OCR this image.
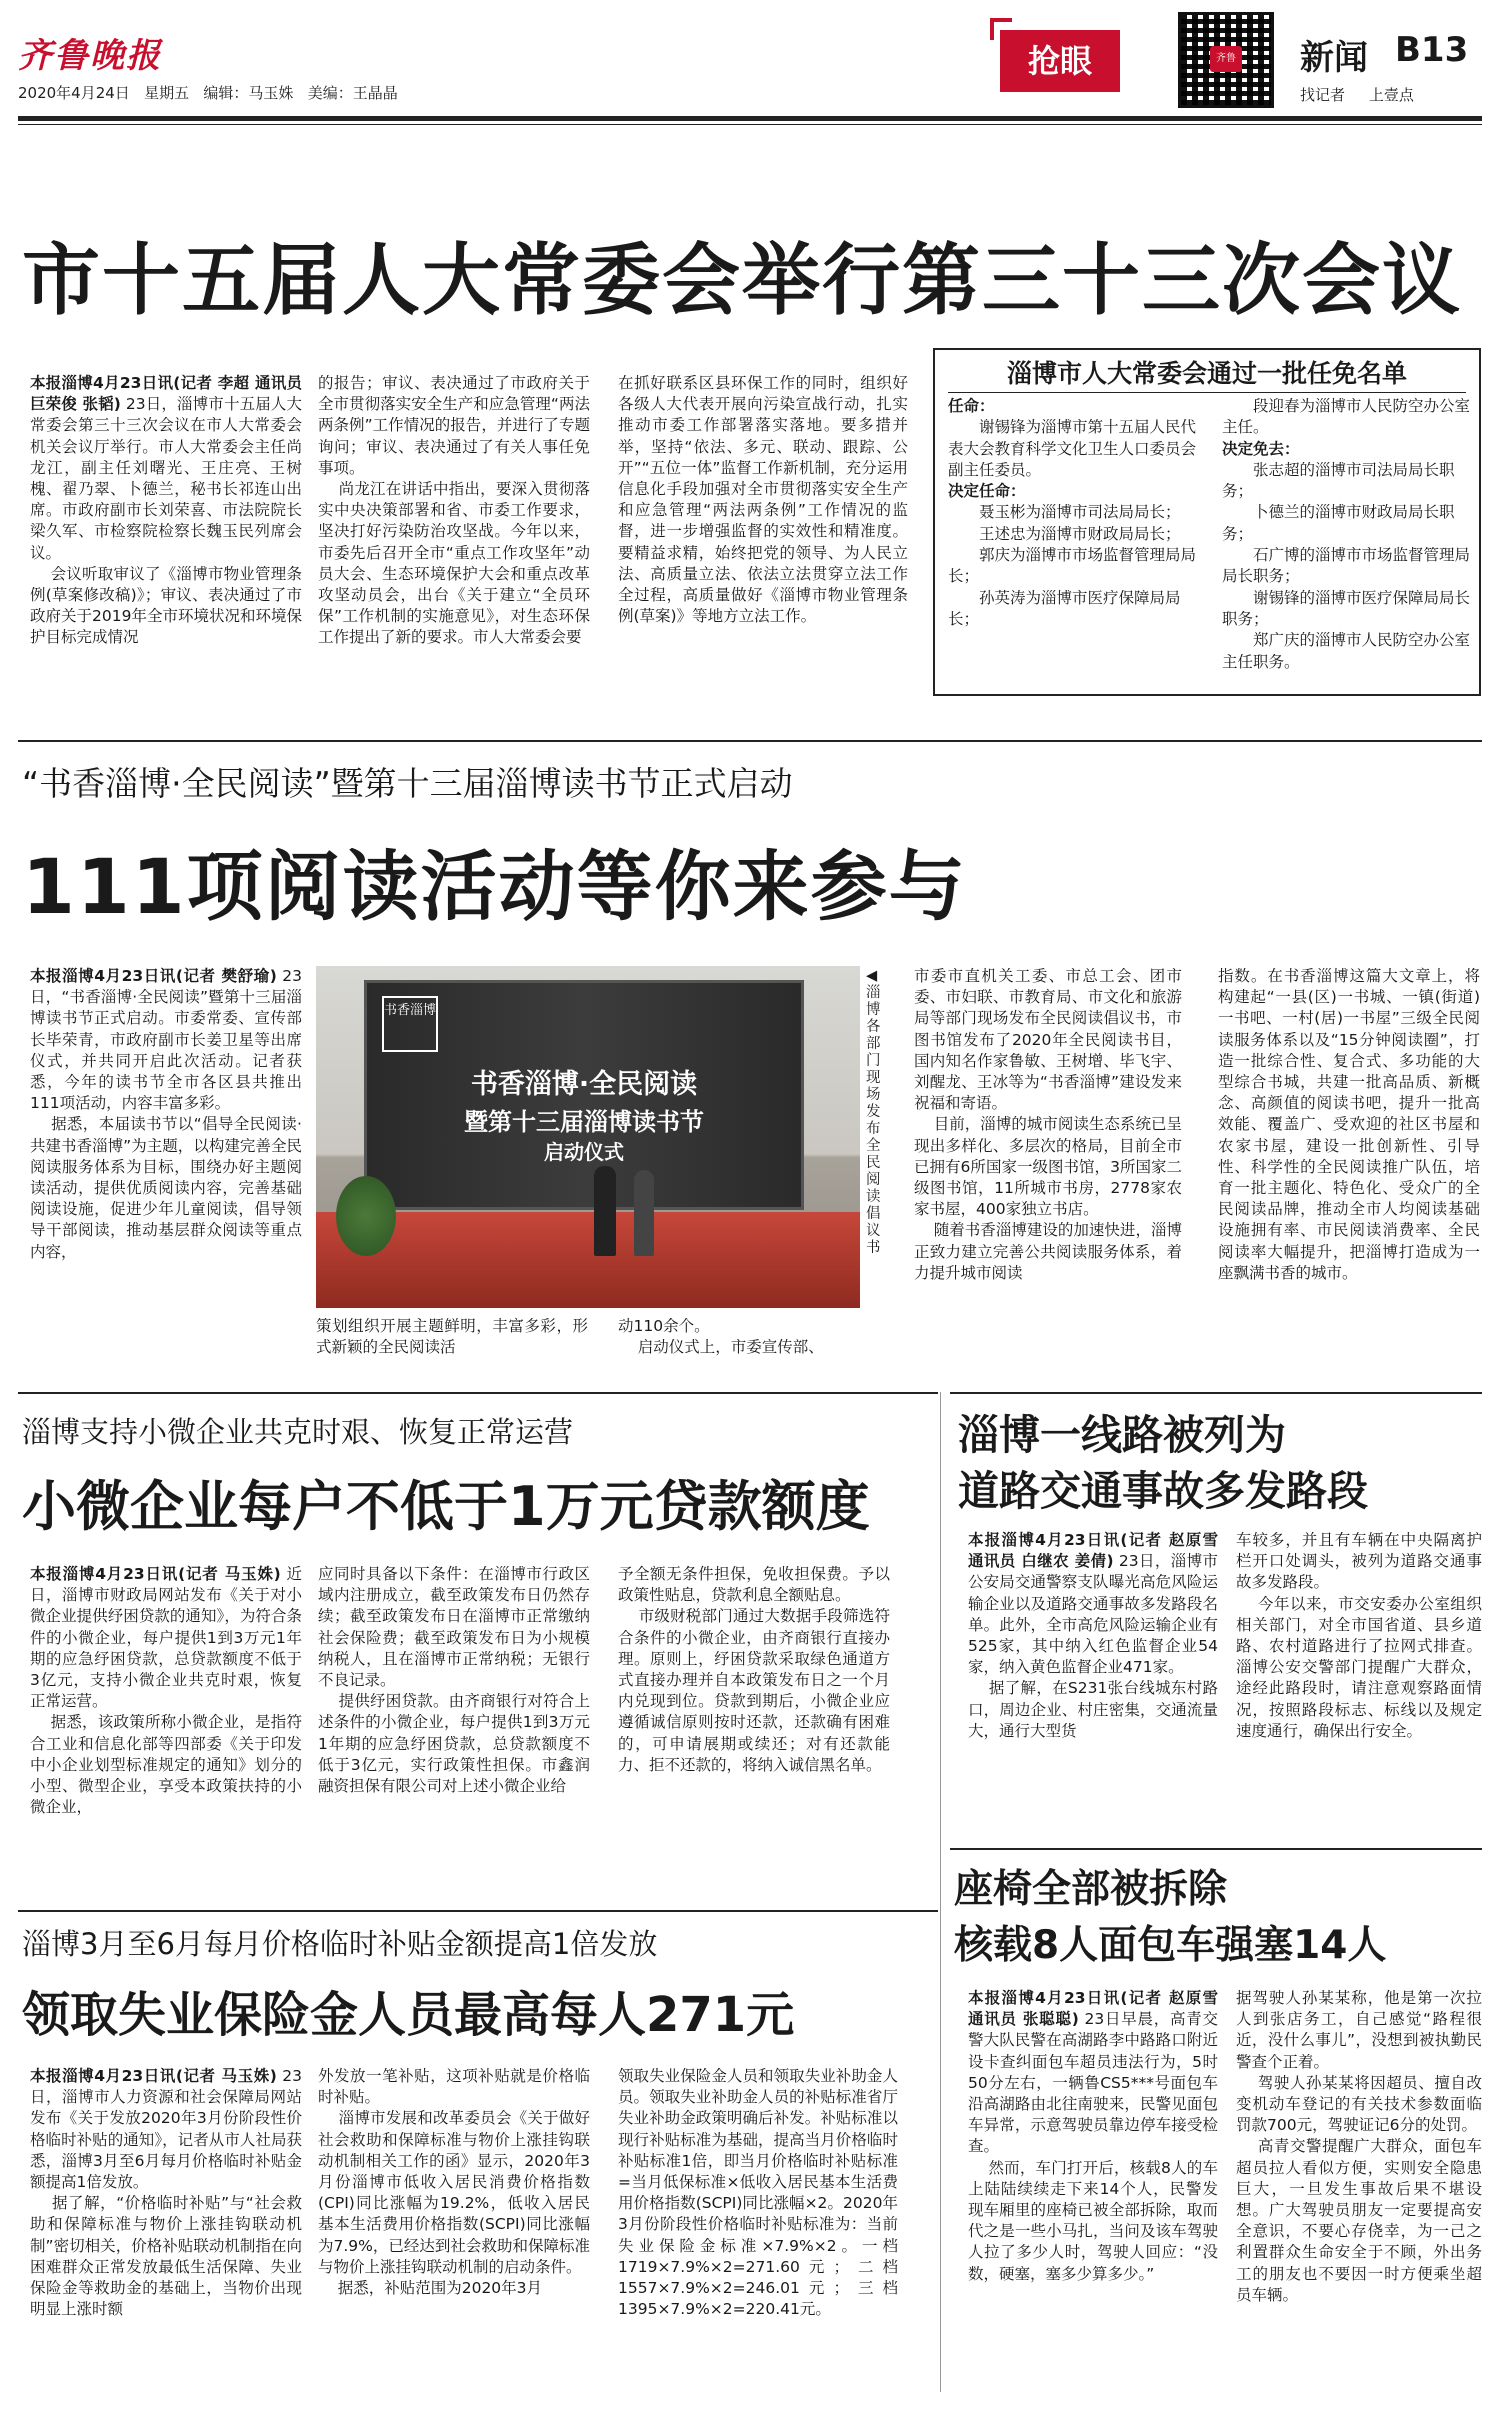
齐鲁晚报
2020年4月24日   星期五   编辑：马玉姝   美编：王晶晶
抢眼	齐鲁 新闻 B13
找记者     上壹点
市十五届人大常委会举行第三十三次会议
本报淄博4月23日讯(记者 李超 通讯员 巨荣俊 张韬) 23日，淄博市十五届人大常委会第三十三次会议在市人大常委会机关会议厅举行。市人大常委会主任尚龙江，副主任刘曙光、王庄亮、王树槐、翟乃翠、卜德兰，秘书长祁连山出席。市政府副市长刘荣喜、市法院院长梁久军、市检察院检察长魏玉民列席会议。
会议听取审议了《淄博市物业管理条例(草案修改稿)》；审议、表决通过了市政府关于2019年全市环境状况和环境保护目标完成情况
的报告；审议、表决通过了市政府关于全市贯彻落实安全生产和应急管理“两法两条例”工作情况的报告，并进行了专题询问；审议、表决通过了有关人事任免事项。
尚龙江在讲话中指出，要深入贯彻落实中央决策部署和省、市委工作要求，坚决打好污染防治攻坚战。今年以来，市委先后召开全市“重点工作攻坚年”动员大会、生态环境保护大会和重点改革攻坚动员会，出台《关于建立“全员环保”工作机制的实施意见》，对生态环保工作提出了新的要求。市人大常委会要
在抓好联系区县环保工作的同时，组织好各级人大代表开展向污染宣战行动，扎实推动市委工作部署落实落地。要多措并举，坚持“依法、多元、联动、跟踪、公开”“五位一体”监督工作新机制，充分运用信息化手段加强对全市贯彻落实安全生产和应急管理“两法两条例”工作情况的监督，进一步增强监督的实效性和精准度。要精益求精，始终把党的领导、为人民立法、高质量立法、依法立法贯穿立法工作全过程，高质量做好《淄博市物业管理条例(草案)》等地方立法工作。
淄博市人大常委会通过一批任免名单
任命：
谢锡锋为淄博市第十五届人民代表大会教育科学文化卫生人口委员会副主任委员。
决定任命：
聂玉彬为淄博市司法局局长；
王述忠为淄博市财政局局长；
郭庆为淄博市市场监督管理局局长；
孙英涛为淄博市医疗保障局局长；
段迎春为淄博市人民防空办公室主任。
决定免去：
张志超的淄博市司法局局长职务；
卜德兰的淄博市财政局局长职务；
石广博的淄博市市场监督管理局局长职务；
谢锡锋的淄博市医疗保障局局长职务；
郑广庆的淄博市人民防空办公室主任职务。
“书香淄博·全民阅读”暨第十三届淄博读书节正式启动
111项阅读活动等你来参与
本报淄博4月23日讯(记者 樊舒瑜) 23日，“书香淄博·全民阅读”暨第十三届淄博读书节正式启动。市委常委、宣传部长毕荣青，市政府副市长姜卫星等出席仪式，并共同开启此次活动。记者获悉，今年的读书节全市各区县共推出111项活动，内容丰富多彩。
据悉，本届读书节以“倡导全民阅读·共建书香淄博”为主题，以构建完善全民阅读服务体系为目标，围绕办好主题阅读活动，提供优质阅读内容，完善基础阅读设施，促进少年儿童阅读，倡导领导干部阅读，推动基层群众阅读等重点内容，
书香淄博
书香淄博·全民阅读
暨第十三届淄博读书节
启动仪式
◀淄博各部门现场发布全民阅读倡议书
策划组织开展主题鲜明，丰富多彩，形式新颖的全民阅读活
动110余个。
启动仪式上，市委宣传部、
市委市直机关工委、市总工会、团市委、市妇联、市教育局、市文化和旅游局等部门现场发布全民阅读倡议书，市图书馆发布了2020年全民阅读书目，国内知名作家鲁敏、王树增、毕飞宇、刘醒龙、王冰等为“书香淄博”建设发来祝福和寄语。
目前，淄博的城市阅读生态系统已呈现出多样化、多层次的格局，目前全市已拥有6所国家一级图书馆，3所国家二级图书馆，11所城市书房，2778家农家书屋，400家独立书店。
随着书香淄博建设的加速快进，淄博正致力建立完善公共阅读服务体系，着力提升城市阅读
指数。在书香淄博这篇大文章上，将构建起“一县(区)一书城、一镇(街道)一书吧、一村(居)一书屋”三级全民阅读服务体系以及“15分钟阅读圈”，打造一批综合性、复合式、多功能的大型综合书城，共建一批高品质、新概念、高颜值的阅读书吧，提升一批高效能、覆盖广、受欢迎的社区书屋和农家书屋，建设一批创新性、引导性、科学性的全民阅读推广队伍，培育一批主题化、特色化、受众广的全民阅读品牌，推动全市人均阅读基础设施拥有率、市民阅读消费率、全民阅读率大幅提升，把淄博打造成为一座飘满书香的城市。
淄博支持小微企业共克时艰、恢复正常运营
小微企业每户不低于1万元贷款额度
本报淄博4月23日讯(记者 马玉姝) 近日，淄博市财政局网站发布《关于对小微企业提供纾困贷款的通知》，为符合条件的小微企业，每户提供1到3万元1年期的应急纾困贷款，总贷款额度不低于3亿元，支持小微企业共克时艰，恢复正常运营。
据悉，该政策所称小微企业，是指符合工业和信息化部等四部委《关于印发中小企业划型标准规定的通知》划分的小型、微型企业，享受本政策扶持的小微企业，
应同时具备以下条件：在淄博市行政区域内注册成立，截至政策发布日仍然存续；截至政策发布日在淄博市正常缴纳社会保险费；截至政策发布日为小规模纳税人，且在淄博市正常纳税；无银行不良记录。
提供纾困贷款。由齐商银行对符合上述条件的小微企业，每户提供1到3万元1年期的应急纾困贷款，总贷款额度不低于3亿元，实行政策性担保。市鑫润融资担保有限公司对上述小微企业给
予全额无条件担保，免收担保费。予以政策性贴息，贷款利息全额贴息。
市级财税部门通过大数据手段筛选符合条件的小微企业，由齐商银行直接办理。原则上，纾困贷款采取绿色通道方式直接办理并自本政策发布日之一个月内兑现到位。贷款到期后，小微企业应遵循诚信原则按时还款，还款确有困难的，可申请展期或续还；对有还款能力、拒不还款的，将纳入诚信黑名单。
淄博一线路被列为
道路交通事故多发路段
本报淄博4月23日讯(记者 赵原雪 通讯员 白继农 姜倩) 23日，淄博市公安局交通警察支队曝光高危风险运输企业以及道路交通事故多发路段名单。此外，全市高危风险运输企业有525家，其中纳入红色监督企业54家，纳入黄色监督企业471家。
据了解，在S231张台线城东村路口，周边企业、村庄密集，交通流量大，通行大型货
车较多，并且有车辆在中央隔离护栏开口处调头，被列为道路交通事故多发路段。
今年以来，市交安委办公室组织相关部门，对全市国省道、县乡道路、农村道路进行了拉网式排查。淄博公安交警部门提醒广大群众，途经此路段时，请注意观察路面情况，按照路段标志、标线以及规定速度通行，确保出行安全。
淄博3月至6月每月价格临时补贴金额提高1倍发放
领取失业保险金人员最高每人271元
本报淄博4月23日讯(记者 马玉姝) 23日，淄博市人力资源和社会保障局网站发布《关于发放2020年3月份阶段性价格临时补贴的通知》，记者从市人社局获悉，淄博3月至6月每月价格临时补贴金额提高1倍发放。
据了解，“价格临时补贴”与“社会救助和保障标准与物价上涨挂钩联动机制”密切相关，价格补贴联动机制指在向困难群众正常发放最低生活保障、失业保险金等救助金的基础上，当物价出现明显上涨时额
外发放一笔补贴，这项补贴就是价格临时补贴。
淄博市发展和改革委员会《关于做好社会救助和保障标准与物价上涨挂钩联动机制相关工作的函》显示，2020年3月份淄博市低收入居民消费价格指数(CPI)同比涨幅为19.2%，低收入居民基本生活费用价格指数(SCPI)同比涨幅为7.9%，已经达到社会救助和保障标准与物价上涨挂钩联动机制的启动条件。
据悉，补贴范围为2020年3月
领取失业保险金人员和领取失业补助金人员。领取失业补助金人员的补贴标准省厅失业补助金政策明确后补发。补贴标准以现行补贴标准为基础，提高当月价格临时补贴标准1倍，即当月价格临时补贴标准=当月低保标准×低收入居民基本生活费用价格指数(SCPI)同比涨幅×2。2020年3月份阶段性价格临时补贴标准为：当前失业保险金标准×7.9%×2。一档1719×7.9%×2=271.60元；二档1557×7.9%×2=246.01元；三档1395×7.9%×2=220.41元。
座椅全部被拆除
核载8人面包车强塞14人
本报淄博4月23日讯(记者 赵原雪 通讯员 张聪聪) 23日早晨，高青交警大队民警在高湖路李中路路口附近设卡查纠面包车超员违法行为，5时50分左右，一辆鲁CS5***号面包车沿高湖路由北往南驶来，民警见面包车异常，示意驾驶员靠边停车接受检查。
然而，车门打开后，核载8人的车上陆陆续续走下来14个人，民警发现车厢里的座椅已被全部拆除，取而代之是一些小马扎，当问及该车驾驶人拉了多少人时，驾驶人回应：“没数，硬塞，塞多少算多少。”
据驾驶人孙某某称，他是第一次拉人到张店务工，自己感觉“路程很近，没什么事儿”，没想到被执勤民警查个正着。
驾驶人孙某某将因超员、擅自改变机动车登记的有关技术参数面临罚款700元，驾驶证记6分的处罚。
高青交警提醒广大群众，面包车超员拉人看似方便，实则安全隐患巨大，一旦发生事故后果不堪设想。广大驾驶员朋友一定要提高安全意识，不要心存侥幸，为一己之利置群众生命安全于不顾，外出务工的朋友也不要因一时方便乘坐超员车辆。
